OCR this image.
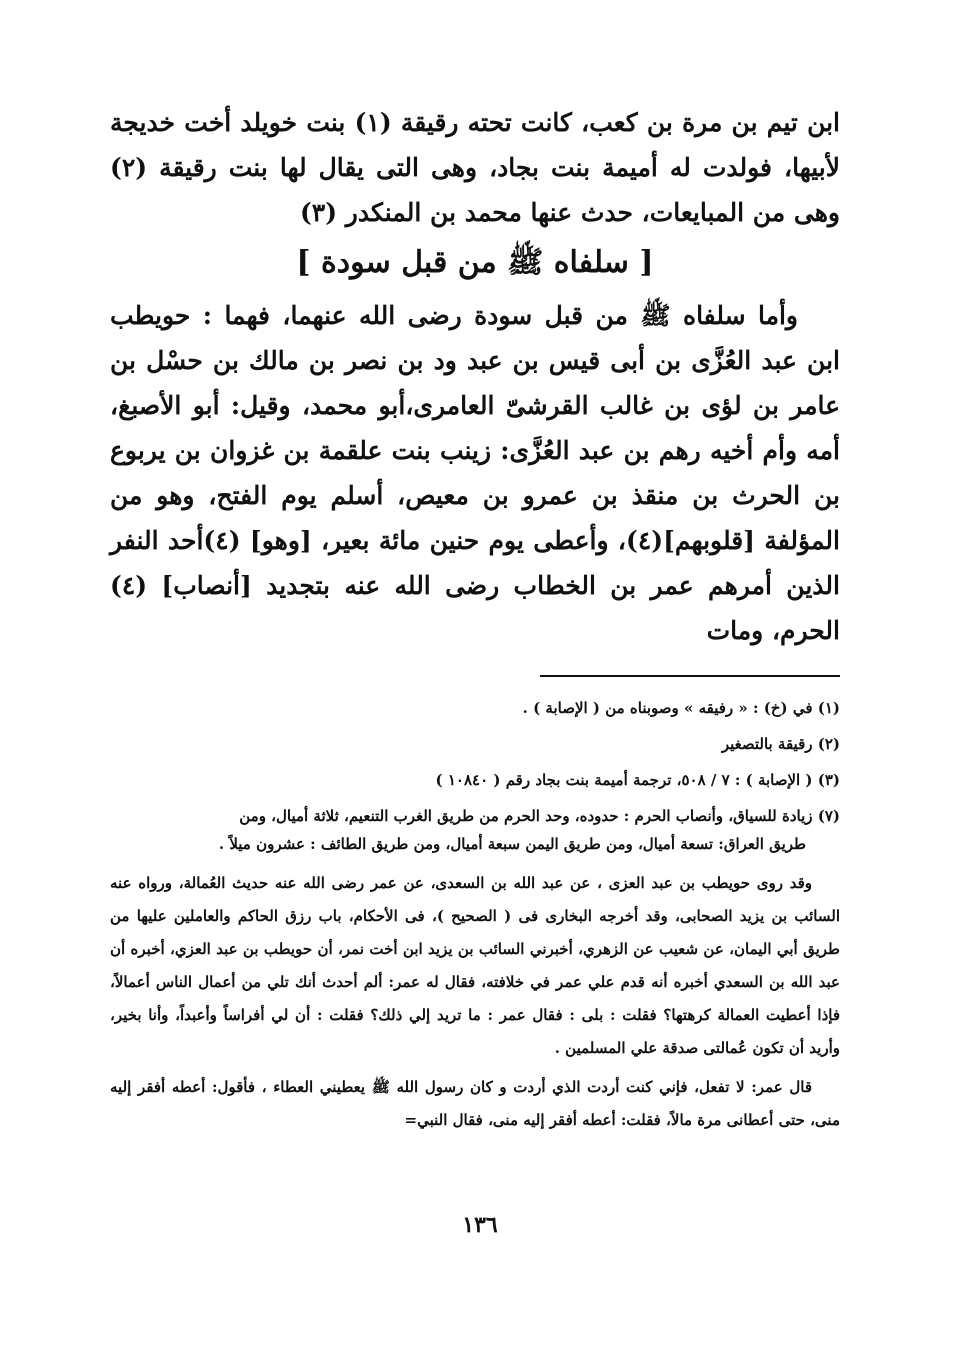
ابن تيم بن مرة بن كعب، كانت تحته رقيقة (١) بنت خويلد أخت خديجة لأبيها، فولدت له أميمة بنت بجاد، وهى التى يقال لها بنت رقيقة (٢) وهى من المبايعات، حدث عنها محمد بن المنكدر (٣)

[ سلفاه ﷺ من قبل سودة ]

وأما سلفاه ﷺ من قبل سودة رضى الله عنهما، فهما : حويطب ابن عبد العُزَّى بن أبى قيس بن عبد ود بن نصر بن مالك بن حسْل بن عامر بن لؤى بن غالب القرشىّ العامرى،أبو محمد، وقيل: أبو الأصبغ، أمه وأم أخيه رهم بن عبد العُزَّى: زينب بنت علقمة بن غزوان بن يربوع بن الحرث بن منقذ بن عمرو بن معيص، أسلم يوم الفتح، وهو من المؤلفة [قلوبهم](٤)، وأعطى يوم حنين مائة بعير، [وهو] (٤)أحد النفر الذين أمرهم عمر بن الخطاب رضى الله عنه بتجديد [أنصاب] (٤) الحرم، ومات

(١) في (خ) : « رفيقه » وصوبناه من ( الإصابة ) .
(٢) رقيقة بالتصغير
(٣) ( الإصابة ) : ٧ / ٥٠٨، ترجمة أميمة بنت بجاد رقم ( ١٠٨٤٠ )
(٧) زيادة للسياق، وأنصاب الحرم : حدوده، وحد الحرم من طريق الغرب التنعيم، ثلاثة أميال، ومن
طريق العراق: تسعة أميال، ومن طريق اليمن سبعة أميال، ومن طريق الطائف : عشرون ميلاً .

وقد روى حويطب بن عبد العزى ، عن عبد الله بن السعدى، عن عمر رضى الله عنه حديث العُمالة، ورواه عنه السائب بن يزيد الصحابى، وقد أخرجه البخارى فى ( الصحيح )، فى الأحكام، باب رزق الحاكم والعاملين عليها من طريق أبي اليمان، عن شعيب عن الزهري، أخبرني السائب بن يزيد ابن أخت نمر، أن حويطب بن عبد العزي، أخبره أن عبد الله بن السعدي أخبره أنه قدم علي عمر في خلافته، فقال له عمر: ألم أحدث أنك تلي من أعمال الناس أعمالاً، فإذا أعطيت العمالة كرهتها؟ فقلت : بلى : فقال عمر : ما تريد إلي ذلك؟ فقلت : أن لي أفراساً وأعبداً، وأنا بخير، وأريد أن تكون عُمالتى صدقة علي المسلمين .

قال عمر: لا تفعل، فإني كنت أردت الذي أردت و كان رسول الله ﷺ يعطيني العطاء ، فأقول: أعطه أفقر إليه منى، حتى أعطانى مرة مالاً، فقلت: أعطه أفقر إليه منى، فقال النبي=

١٣٦
